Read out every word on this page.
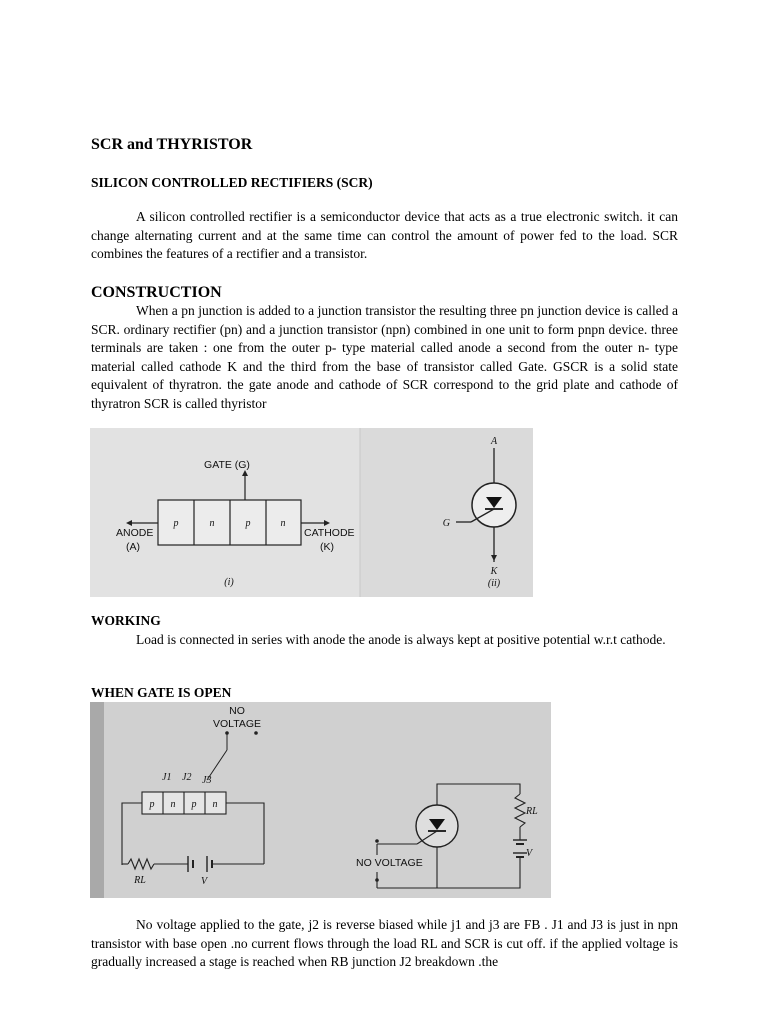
SCR and THYRISTOR
SILICON CONTROLLED RECTIFIERS (SCR)

A silicon controlled rectifier is a semiconductor device that acts as a true electronic switch. it can change alternating current and at the same time can control the amount of power fed to the load. SCR combines the features of a rectifier and a transistor.

CONSTRUCTION

When a pn junction is added to a junction transistor the resulting three pn junction device is called a SCR. ordinary rectifier (pn) and a junction transistor (npn) combined in one unit to form pnpn device. three terminals are taken : one from the outer p- type material called anode a second from the outer n- type material called cathode K and the third from the base of transistor called Gate. GSCR is a solid state equivalent of thyratron. the gate anode and cathode of SCR correspond to the grid plate and cathode of thyratron SCR is called thyristor

p	n	p	n
GATE (G)
ANODE
(A)
CATHODE
(K)
(i)
A
G
K
(ii)
WORKING

Load is connected in series with anode the anode is always kept at positive potential w.r.t cathode.

WHEN GATE IS OPEN
NO
VOLTAGE
J1 J2 J3
p n p n
RL	V
RL
V
NO VOLTAGE

No voltage applied to the gate, j2 is reverse biased while j1 and j3 are FB . J1 and J3 is just in npn transistor with base open .no current flows through the load RL and SCR is cut off. if the applied voltage is gradually increased a stage is reached when RB junction J2 breakdown .the
